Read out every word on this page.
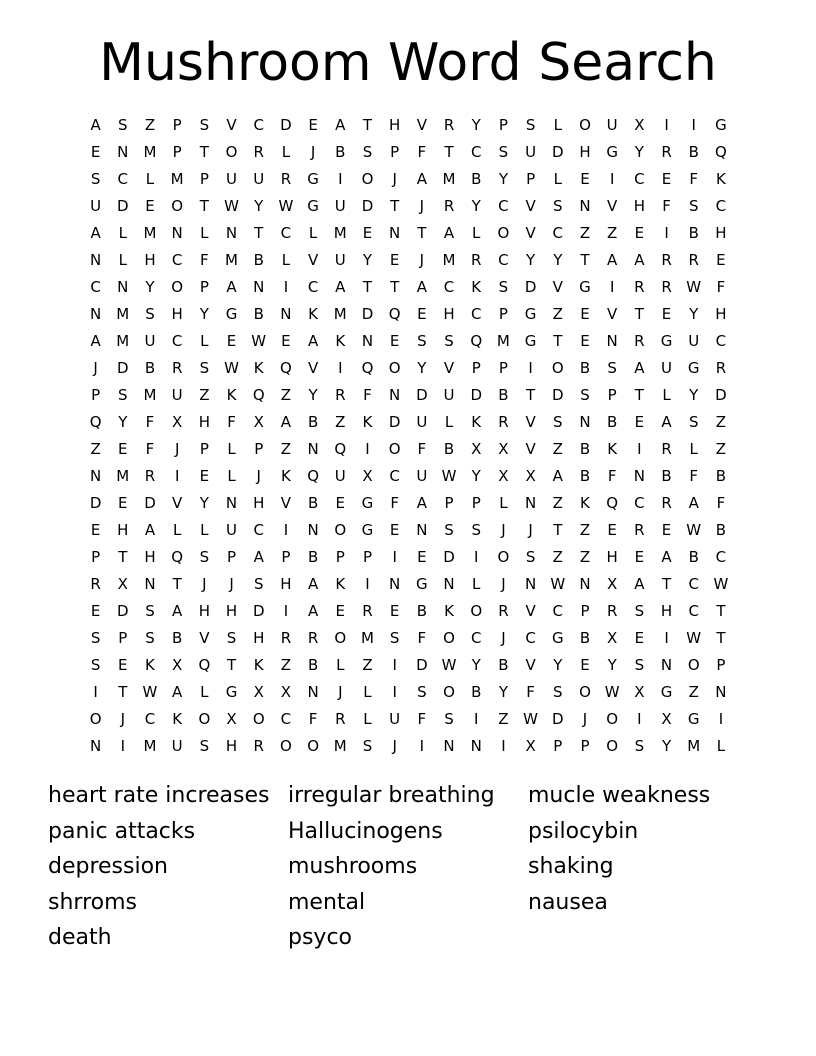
Mushroom Word Search
A	S	Z	P	S	V	C	D	E	A	T	H	V	R	Y	P	S	L	O	U	X	I	I	G
E	N	M	P	T	O	R	L	J	B	S	P	F	T	C	S	U	D	H	G	Y	R	B	Q
S	C	L	M	P	U	U	R	G	I	O	J	A	M	B	Y	P	L	E	I	C	E	F	K
U	D	E	O	T	W	Y	W G	U	D	T	J	R	Y	C	V	S	N	V	H	F	S	C
A	L	M	N	L	N	T	C	L	M	E	N	T	A	L	O	V	C	Z	Z	E	I	B	H
N	L	H	C	F	M	B	L	V	U	Y	E	J	M	R	C	Y	Y	T	A	A	R	R	E
C	N	Y	O	P	A	N	I	C	A	T	T	A	C	K	S	D	V	G	I	R	R W	F
N	M	S	H	Y	G	B	N	K	M D	Q	E	H	C	P	G	Z	E	V	T	E	Y	H
A	M	U	C	L	E	W	E	A	K	N	E	S	S	Q M G	T	E	N	R	G	U	C
J	D	B	R	S	W K	Q	V	I	Q	O	Y	V	P	P	I	O	B	S	A	U	G	R
P	S	M	U	Z	K	Q	Z	Y	R	F	N	D	U	D	B	T	D	S	P	T	L	Y	D
Q	Y	F	X	H	F	X	A	B	Z	K	D	U	L	K	R	V	S	N	B	E	A	S	Z
Z	E	F	J	P	L	P	Z	N	Q	I	O	F	B	X	X	V	Z	B	K	I	R	L	Z
N	M	R	I	E	L	J	K	Q	U	X	C	U W	Y	X	X	A	B	F	N	B	F	B
D	E	D	V	Y	N	H	V	B	E	G	F	A	P	P	L	N	Z	K	Q	C	R	A	F
E	H	A	L	L	U	C	I	N	O	G	E	N	S	S	J	J	T	Z	E	R	E	W B
P	T	H	Q	S	P	A	P	B	P	P	I	E	D	I	O	S	Z	Z	H	E	A	B	C
R	X	N	T	J	J	S	H	A	K	I	N	G	N	L	J	N W N	X	A	T	C W
E	D	S	A	H	H	D	I	A	E	R	E	B	K	O	R	V	C	P	R	S	H	C	T
S	P	S	B	V	S	H	R	R	O M	S	F	O	C	J	C	G	B	X	E	I	W	T
S	E	K	X	Q	T	K	Z	B	L	Z	I	D W	Y	B	V	Y	E	Y	S	N	O	P
I	T	W A	L	G	X	X	N	J	L	I	S	O	B	Y	F	S	O W X	G	Z	N
O	J	C	K	O	X	O	C	F	R	L	U	F	S	I	Z W D	J	O	I	X	G	I
N	I	M	U	S	H	R	O	O M	S	J	I	N	N	I	X	P	P	O	S	Y	M	L
heart rate increases
panic attacks
depression
shrroms
death
irregular breathing
Hallucinogens
mushrooms
mental
psyco
mucle weakness
psilocybin
shaking
nausea
